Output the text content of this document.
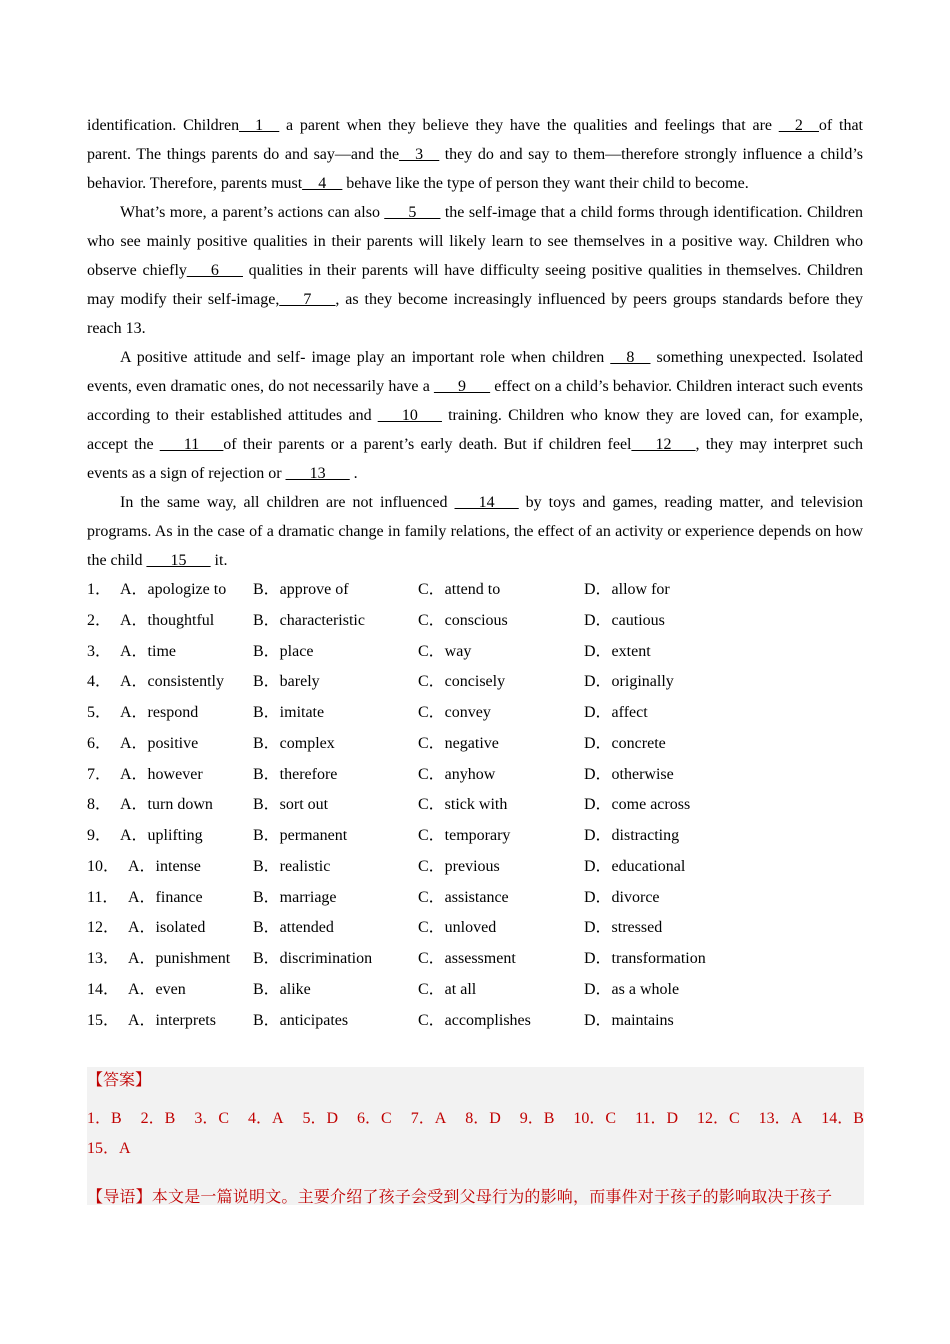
identification. Children__1__ a parent when they believe they have the qualities and feelings that are __2__of that parent. The things parents do and say—and the__3__ they do and say to them—therefore strongly influence a child’s behavior. Therefore, parents must__4__ behave like the type of person they want their child to become.

What’s more, a parent’s actions can also ___5___ the self-image that a child forms through identification. Children who see mainly positive qualities in their parents will likely learn to see themselves in a positive way. Children who observe chiefly___6___ qualities in their parents will have difficulty seeing positive qualities in themselves. Children may modify their self-image,___7___, as they become increasingly influenced by peers groups standards before they reach 13.

A positive attitude and self- image play an important role when children __8__ something unexpected. Isolated events, even dramatic ones, do not necessarily have a ___9___ effect on a child’s behavior. Children interact such events according to their established attitudes and ___10___ training. Children who know they are loved can, for example, accept the ___11___of their parents or a parent’s early death. But if children feel___12___, they may interpret such events as a sign of rejection or ___13___ .

In the same way, all children are not influenced ___14___ by toys and games, reading matter, and television programs. As in the case of a dramatic change in family relations, the effect of an activity or experience depends on how the child ___15___ it.

1． A．apologize to B．approve of	C．attend to	D．allow for
2． A．thoughtful B．characteristic	C．conscious	D．cautious
3． A．time	B．place	C．way	D．extent
4． A．consistently B．barely	C．concisely	D．originally
5． A．respond	B．imitate	C．convey	D．affect
6． A．positive	B．complex	C．negative	D．concrete
7． A．however	B．therefore	C．anyhow	D．otherwise
8． A．turn down	B．sort out	C．stick with	D．come across
9． A．uplifting	B．permanent	C．temporary	D．distracting
10． A．intense	B．realistic	C．previous	D．educational
11． A．finance	B．marriage	C．assistance	D．divorce
12． A．isolated	B．attended	C．unloved	D．stressed
13． A．punishment B．discrimination	C．assessment	D．transformation
14． A．even	B．alike	C．at all	D．as a whole
15． A．interprets B．anticipates	C．accomplishes	D．maintains
【答案】
1．B 2．B 3．C 4．A 5．D 6．C 7．A 8．D 9．B 10．C 11．D 12．C 13．A 14．B
15．A
【导语】本文是一篇说明文。主要介绍了孩子会受到父母行为的影响，而事件对于孩子的影响取决于孩子
